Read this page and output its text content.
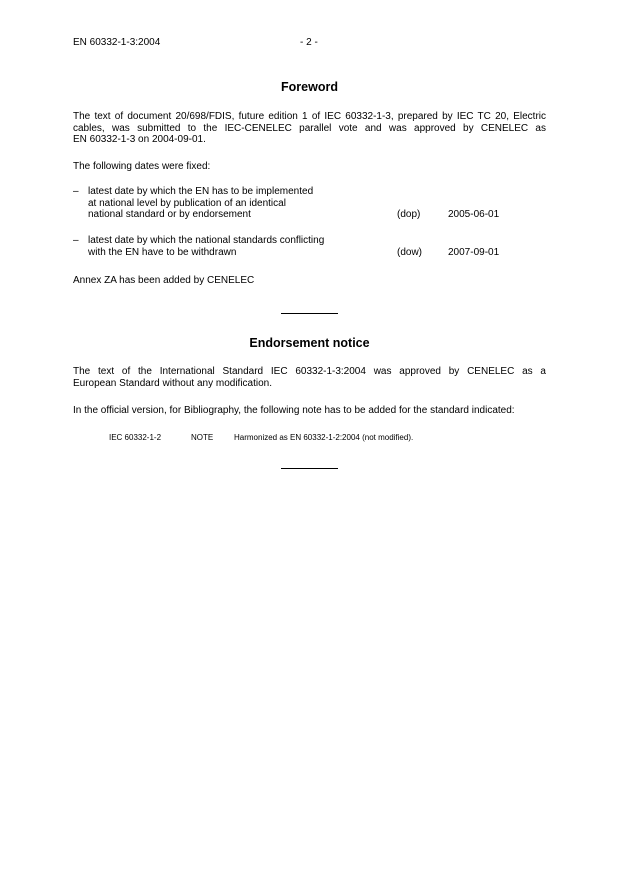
EN 60332-1-3:2004	- 2 -
Foreword
The text of document 20/698/FDIS, future edition 1 of IEC 60332-1-3, prepared by IEC TC 20, Electric
cables, was submitted to the IEC-CENELEC parallel vote and was approved by CENELEC as
EN 60332-1-3 on 2004-09-01.
The following dates were fixed:
– latest date by which the EN has to be implemented
at national level by publication of an identical
national standard or by endorsement	(dop)	2005-06-01
– latest date by which the national standards conflicting
with the EN have to be withdrawn	(dow)	2007-09-01
Annex ZA has been added by CENELEC
Endorsement notice
The text of the International Standard IEC 60332-1-3:2004 was approved by CENELEC as a
European Standard without any modification.
In the official version, for Bibliography, the following note has to be added for the standard indicated:
IEC 60332-1-2	NOTE	Harmonized as EN 60332-1-2:2004 (not modified).
